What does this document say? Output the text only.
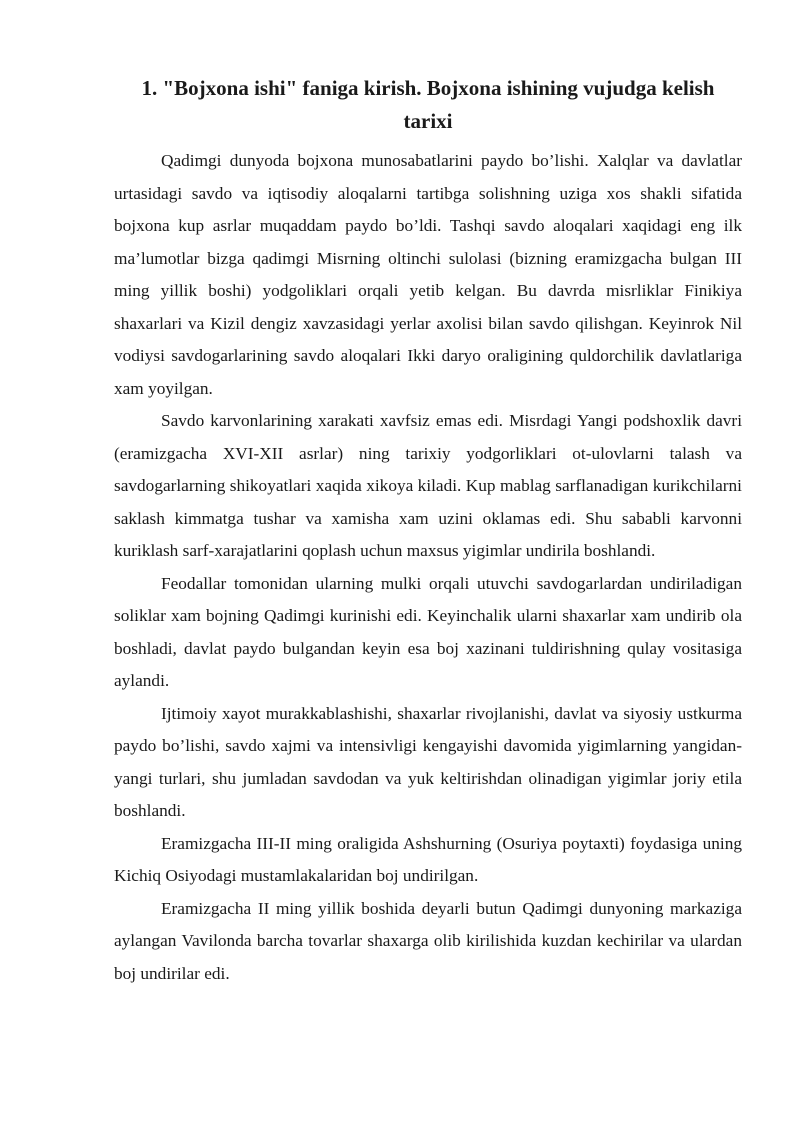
1. "Bojxona ishi" faniga kirish. Bojxona ishining vujudga kelish tarixi

Qadimgi dunyoda bojxona munosabatlarini paydo bo’lishi. Xalqlar va davlatlar urtasidagi savdo va iqtisodiy aloqalarni tartibga solishning uziga xos shakli sifatida bojxona kup asrlar muqaddam paydo bo’ldi. Tashqi savdo aloqalari xaqidagi eng ilk ma’lumotlar bizga qadimgi Misrning oltinchi sulolasi (bizning eramizgacha bulgan III ming yillik boshi) yodgoliklari orqali yetib kelgan. Bu davrda misrliklar Finikiya shaxarlari va Kizil dengiz xavzasidagi yerlar axolisi bilan savdo qilishgan. Keyinrok Nil vodiysi savdogarlarining savdo aloqalari Ikki daryo oraligining quldorchilik davlatlariga xam yoyilgan.

Savdo karvonlarining xarakati xavfsiz emas edi. Misrdagi Yangi podshoxlik davri (eramizgacha XVI-XII asrlar) ning tarixiy yodgorliklari ot-ulovlarni talash va savdogarlarning shikoyatlari xaqida xikoya kiladi. Kup mablag sarflanadigan kurikchilarni saklash kimmatga tushar va xamisha xam uzini oklamas edi. Shu sababli karvonni kuriklash sarf-xarajatlarini qoplash uchun maxsus yigimlar undirila boshlandi.

Feodallar tomonidan ularning mulki orqali utuvchi savdogarlardan undiriladigan soliklar xam bojning Qadimgi kurinishi edi. Keyinchalik ularni shaxarlar xam undirib ola boshladi, davlat paydo bulgandan keyin esa boj xazinani tuldirishning qulay vositasiga aylandi.

Ijtimoiy xayot murakkablashishi, shaxarlar rivojlanishi, davlat va siyosiy ustkurma paydo bo’lishi, savdo xajmi va intensivligi kengayishi davomida yigimlarning yangidan-yangi turlari, shu jumladan savdodan va yuk keltirishdan olinadigan yigimlar joriy etila boshlandi.

Eramizgacha III-II ming oraligida Ashshurning (Osuriya poytaxti) foydasiga uning Kichiq Osiyodagi mustamlakalaridan boj undirilgan.

Eramizgacha II ming yillik boshida deyarli butun Qadimgi dunyoning markaziga aylangan Vavilonda barcha tovarlar shaxarga olib kirilishida kuzdan kechirilar va ulardan boj undirilar edi.
